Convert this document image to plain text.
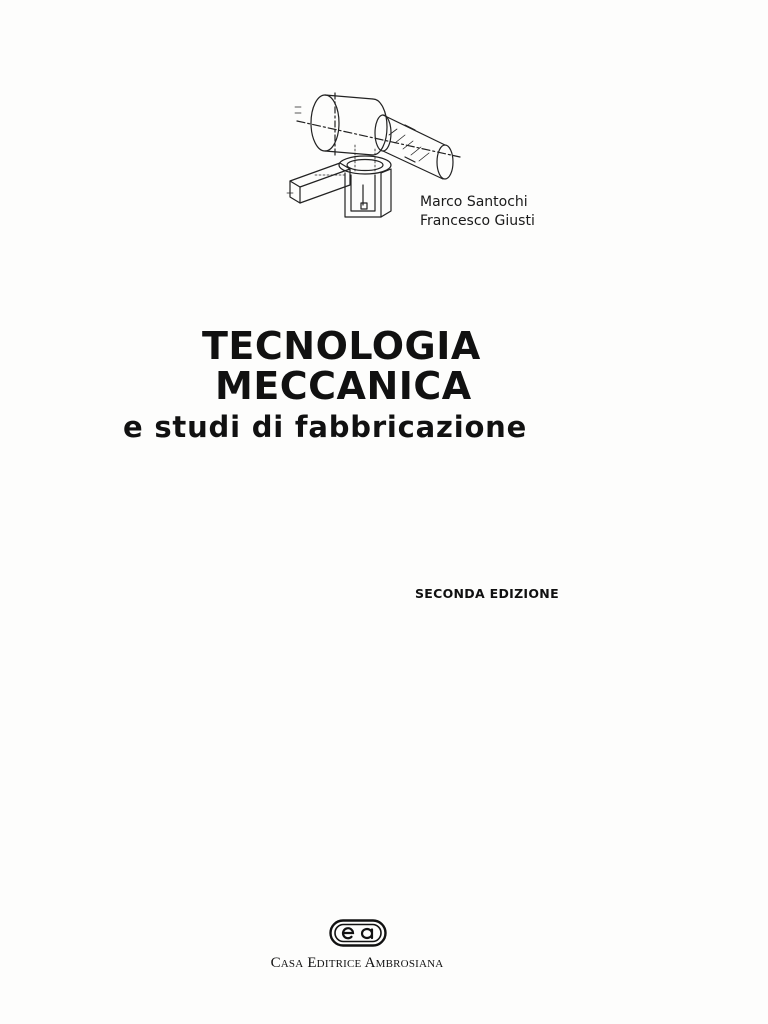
Marco Santochi
Francesco Giusti
TECNOLOGIA
MECCANICA
e studi di fabbricazione
SECONDA EDIZIONE
Casa Editrice Ambrosiana
